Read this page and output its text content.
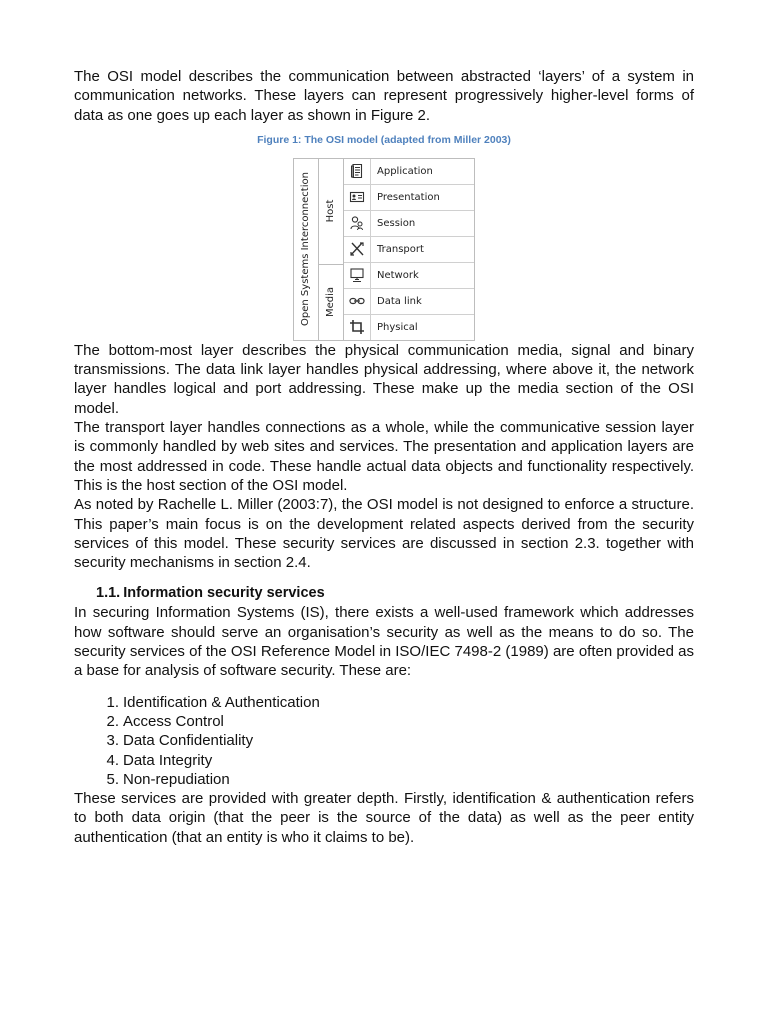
The OSI model describes the communication between abstracted ‘layers’ of a system in communication networks. These layers can represent progressively higher-level forms of data as one goes up each layer as shown in Figure 2.

Figure 1: The OSI model (adapted from Miller 2003)

Open Systems Interconnection Host
Media
Application
Presentation
Session
Transport
Network
Data link
Physical

The bottom-most layer describes the physical communication media, signal and binary transmissions. The data link layer handles physical addressing, where above it, the network layer handles logical and port addressing. These make up the media section of the OSI model.

The transport layer handles connections as a whole, while the communicative session layer is commonly handled by web sites and services. The presentation and application layers are the most addressed in code. These handle actual data objects and functionality respectively. This is the host section of the OSI model.

As noted by Rachelle L. Miller (2003:7), the OSI model is not designed to enforce a structure. This paper’s main focus is on the development related aspects derived from the security services of this model. These security services are discussed in section 2.3. together with security mechanisms in section 2.4.

1.1. Information security services

In securing Information Systems (IS), there exists a well-used framework which addresses how software should serve an organisation’s security as well as the means to do so. The security services of the OSI Reference Model in ISO/IEC 7498-2 (1989) are often provided as a base for analysis of software security. These are:

1. Identification & Authentication
2. Access Control
3. Data Confidentiality
4. Data Integrity
5. Non-repudiation

These services are provided with greater depth. Firstly, identification & authentication refers to both data origin (that the peer is the source of the data) as well as the peer entity authentication (that an entity is who it claims to be).
